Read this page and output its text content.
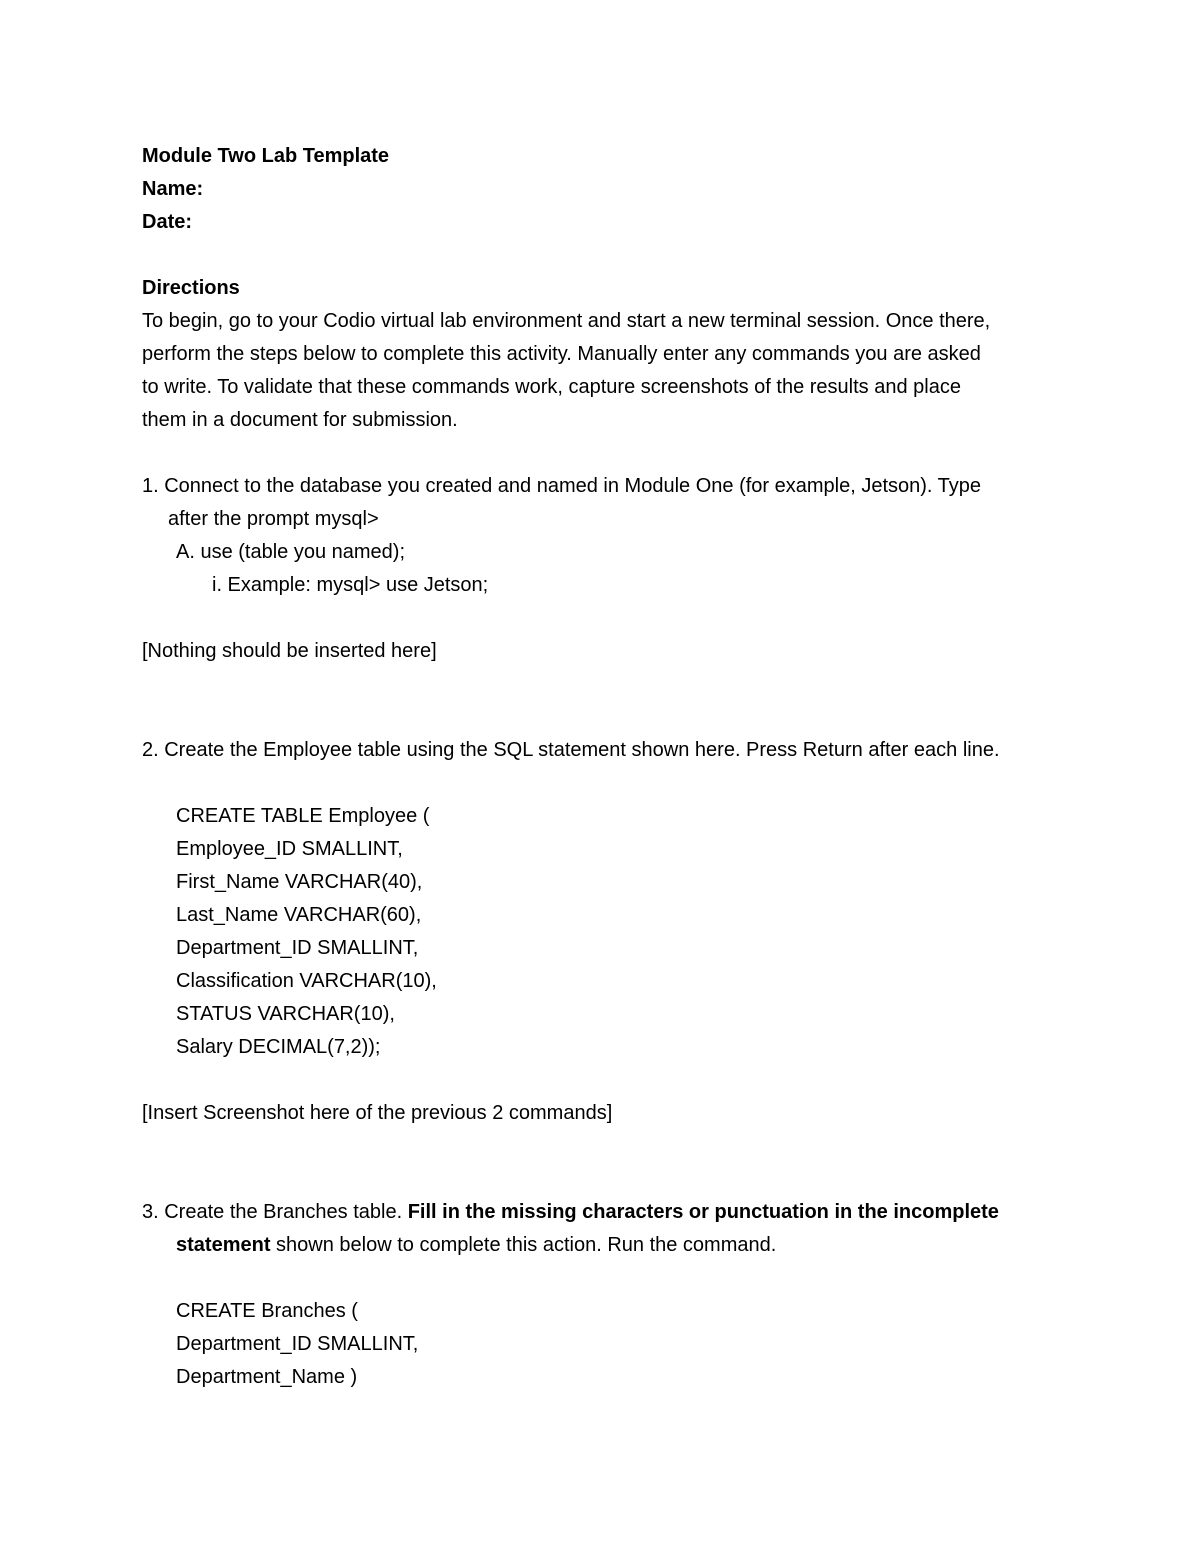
Module Two Lab Template
Name:
Date:
Directions
To begin, go to your Codio virtual lab environment and start a new terminal session. Once there,
perform the steps below to complete this activity. Manually enter any commands you are asked
to write. To validate that these commands work, capture screenshots of the results and place
them in a document for submission.
1. Connect to the database you created and named in Module One (for example, Jetson). Type
after the prompt mysql>
A. use (table you named);
i. Example: mysql> use Jetson;
[Nothing should be inserted here]
2. Create the Employee table using the SQL statement shown here. Press Return after each line.
CREATE TABLE Employee (
Employee_ID SMALLINT,
First_Name VARCHAR(40),
Last_Name VARCHAR(60),
Department_ID SMALLINT,
Classification VARCHAR(10),
STATUS VARCHAR(10),
Salary DECIMAL(7,2));
[Insert Screenshot here of the previous 2 commands]
3. Create the Branches table. Fill in the missing characters or punctuation in the incomplete
statement shown below to complete this action. Run the command.
CREATE Branches (
Department_ID SMALLINT,
Department_Name )
